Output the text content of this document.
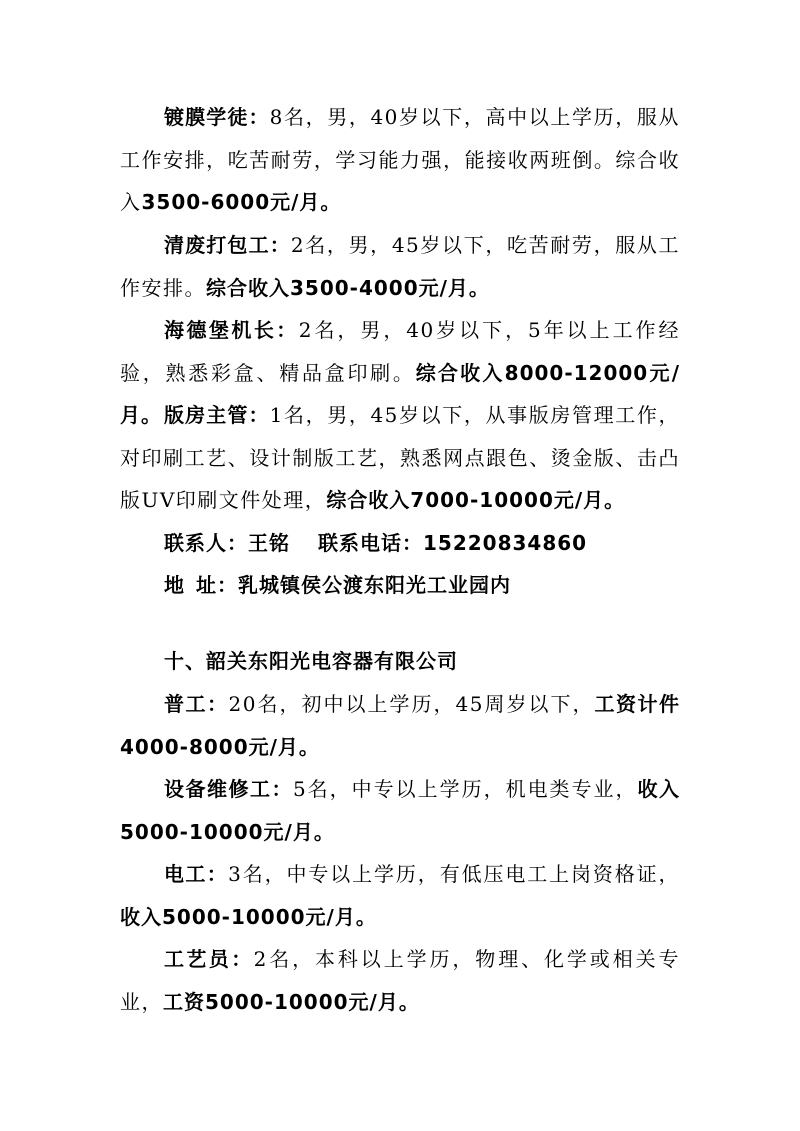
镀膜学徒：8名，男，40岁以下，高中以上学历，服从工作安排，吃苦耐劳，学习能力强，能接收两班倒。综合收入3500-6000元/月。

清废打包工：2名，男，45岁以下，吃苦耐劳，服从工作安排。综合收入3500-4000元/月。

海德堡机长：2名，男，40岁以下，5年以上工作经验，熟悉彩盒、精品盒印刷。综合收入8000-12000元/月。 版房主管：1名，男，45岁以下，从事版房管理工作，对印刷工艺、设计制版工艺，熟悉网点跟色、烫金版、击凸版UV印刷文件处理，综合收入7000-10000元/月。

联系人：王铭 联系电话：15220834860

地址：乳城镇侯公渡东阳光工业园内

十、韶关东阳光电容器有限公司

普工：20名，初中以上学历，45周岁以下，工资计件4000-8000元/月。

设备维修工：5名，中专以上学历，机电类专业，收入5000-10000元/月。

电工：3名，中专以上学历，有低压电工上岗资格证，收入5000-10000元/月。

工艺员：2名，本科以上学历，物理、化学或相关专业，工资5000-10000元/月。
